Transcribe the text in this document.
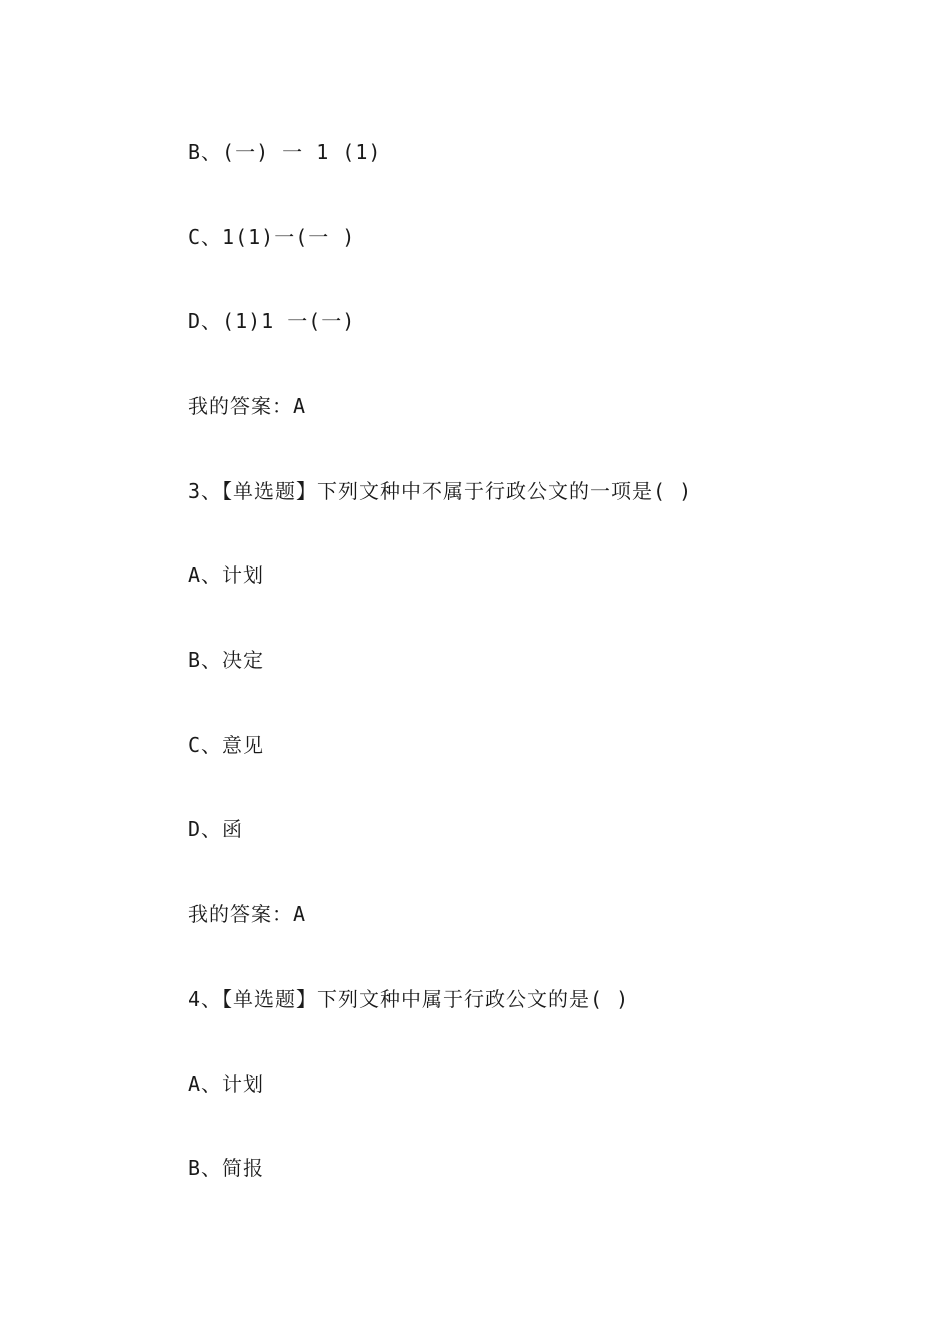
B、(一) 一 1 (1)
C、1(1)一(一 )
D、(1)1 一(一)
我的答案：A
3、【单选题】下列文种中不属于行政公文的一项是( )
A、计划
B、决定
C、意见
D、函
我的答案：A
4、【单选题】下列文种中属于行政公文的是( )
A、计划
B、简报
